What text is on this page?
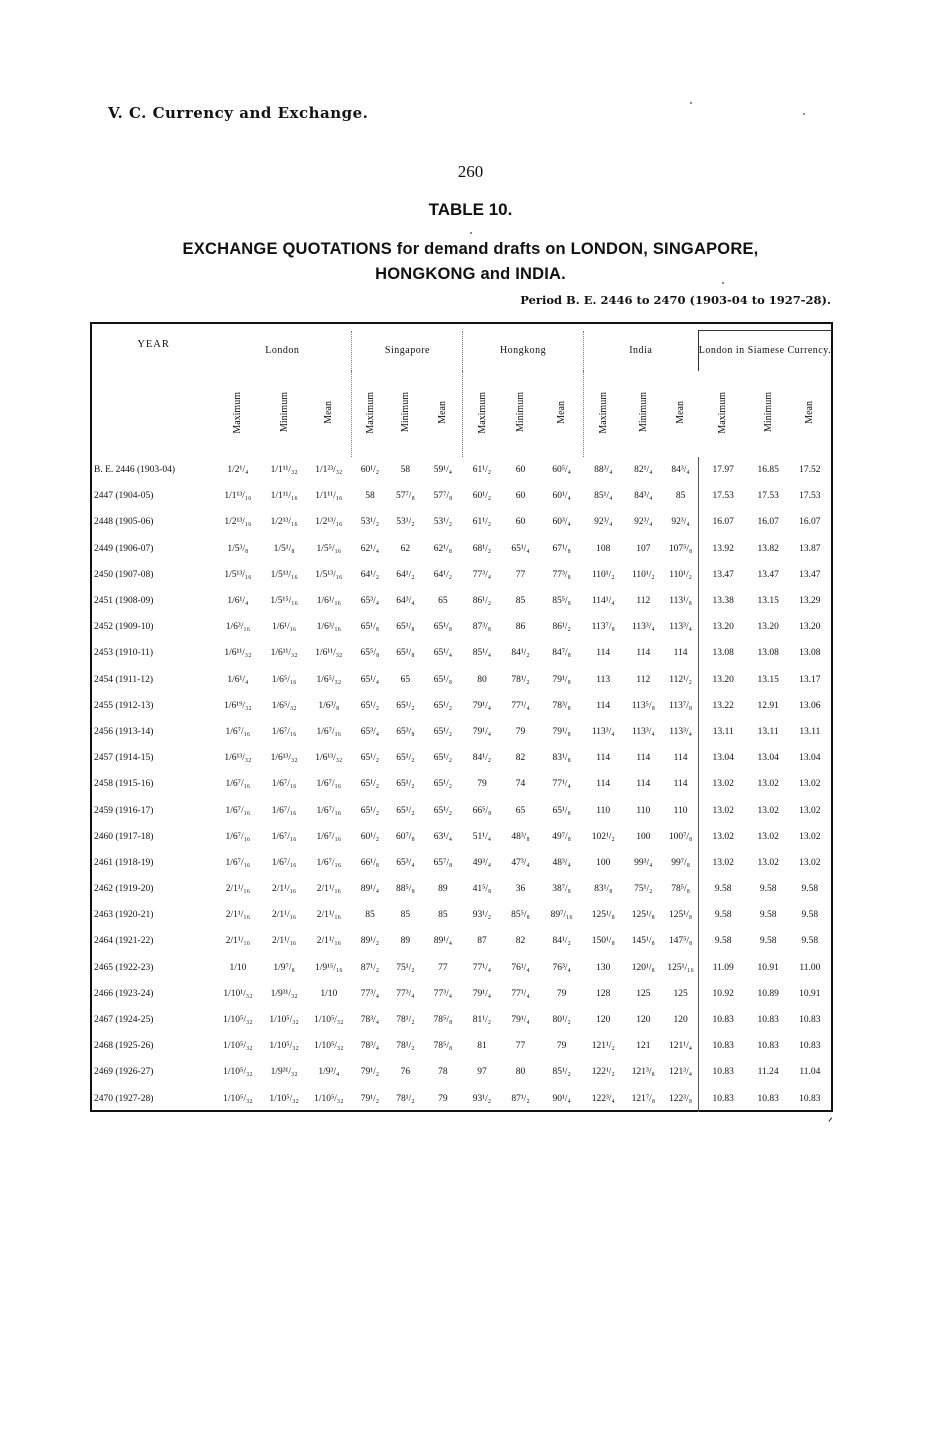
V. C. Currency and Exchange.
260
TABLE 10.
EXCHANGE QUOTATIONS for demand drafts on LONDON, SINGAPORE,
HONGKONG and INDIA.
Period B. E. 2446 to 2470 (1903-04 to 1927-28).
YEAR	London			Singapore			Hongkong			India			London in Siamese Currency.		
	Maximum	Minimum	Mean	Maximum	Minimum	Mean	Maximum	Minimum	Mean	Maximum	Minimum	Mean	Maximum	Minimum	Mean
B. E. 2446 (1903-04)	1/2¹/₄	1/1¹¹/₃₂	1/1²³/₃₂	60¹/₂	58	59¹/₄	61¹/₂	60	60⁵/₄	88³/₄	82¹/₄	84³/₄	17.97	16.85	17.52
2447 (1904-05)	1/1¹³/₁₆	1/1¹¹/₁₆	1/1¹¹/₁₆	58	57⁷/₈	57⁷/₈	60¹/₂	60	60¹/₄	85¹/₄	84³/₄	85	17.53	17.53	17.53
2448 (1905-06)	1/2¹³/₁₆	1/2¹³/₁₆	1/2¹³/₁₆	53¹/₂	53¹/₂	53¹/₂	61¹/₂	60	60³/₄	92³/₄	92³/₄	92³/₄	16.07	16.07	16.07
2449 (1906-07)	1/5³/₈	1/5¹/₈	1/5⁵/₁₆	62¹/₄	62	62¹/₈	68¹/₂	65¹/₄	67¹/₈	108	107	107⁵/₈	13.92	13.82	13.87
2450 (1907-08)	1/5¹³/₁₆	1/5¹³/₁₆	1/5¹³/₁₆	64¹/₂	64¹/₂	64¹/₂	77³/₄	77	77³/₈	110¹/₂	110¹/₂	110¹/₂	13.47	13.47	13.47
2451 (1908-09)	1/6¹/₄	1/5¹⁵/₁₆	1/6¹/₁₆	65³/₄	64³/₄	65	86¹/₂	85	85⁵/₈	114¹/₄	112	113¹/₈	13.38	13.15	13.29
2452 (1909-10)	1/6³/₁₆	1/6¹/₁₆	1/6³/₁₆	65¹/₈	65¹/₈	65¹/₈	87³/₈	86	86¹/₂	113⁷/₈	113³/₄	113³/₄	13.20	13.20	13.20
2453 (1910-11)	1/6¹¹/₃₂	1/6¹¹/₃₂	1/6¹¹/₃₂	65⁵/₈	65¹/₈	65¹/₄	85¹/₄	84¹/₂	84⁷/₈	114	114	114	13.08	13.08	13.08
2454 (1911-12)	1/6¹/₄	1/6⁵/₁₆	1/6⁵/₃₂	65¹/₄	65	65¹/₈	80	78¹/₂	79¹/₈	113	112	112¹/₂	13.20	13.15	13.17
2455 (1912-13)	1/6¹⁹/₃₂	1/6⁵/₃₂	1/6³/₈	65¹/₂	65¹/₂	65¹/₂	79¹/₄	77¹/₄	78³/₈	114	113⁵/₈	113⁷/₈	13.22	12.91	13.06
2456 (1913-14)	1/6⁷/₁₆	1/6⁷/₁₆	1/6⁷/₁₆	65³/₄	65³/₈	65¹/₂	79¹/₄	79	79¹/₈	113³/₄	113³/₄	113³/₄	13.11	13.11	13.11
2457 (1914-15)	1/6¹³/₃₂	1/6¹³/₃₂	1/6¹³/₃₂	65¹/₂	65¹/₂	65¹/₂	84¹/₂	82	83¹/₈	114	114	114	13.04	13.04	13.04
2458 (1915-16)	1/6⁷/₁₆	1/6⁷/₁₆	1/6⁷/₁₆	65¹/₂	65¹/₂	65¹/₂	79	74	77¹/₄	114	114	114	13.02	13.02	13.02
2459 (1916-17)	1/6⁷/₁₆	1/6⁷/₁₆	1/6⁷/₁₆	65¹/₂	65¹/₂	65¹/₂	66⁵/₈	65	65¹/₈	110	110	110	13.02	13.02	13.02
2460 (1917-18)	1/6⁷/₁₆	1/6⁷/₁₆	1/6⁷/₁₆	60¹/₂	60⁷/₈	63¹/₄	51¹/₄	48³/₈	49⁷/₈	102¹/₂	100	100⁷/₈	13.02	13.02	13.02
2461 (1918-19)	1/6⁷/₁₆	1/6⁷/₁₆	1/6⁷/₁₆	66¹/₈	65³/₄	65⁷/₈	49³/₄	47³/₄	48³/₄	100	99³/₄	99⁷/₈	13.02	13.02	13.02
2462 (1919-20)	2/1¹/₁₆	2/1¹/₁₆	2/1¹/₁₆	89¹/₄	88⁵/₈	89	41⁵/₈	36	38⁷/₈	83¹/₈	75¹/₂	78⁵/₈	9.58	9.58	9.58
2463 (1920-21)	2/1¹/₁₆	2/1¹/₁₆	2/1¹/₁₆	85	85	85	93¹/₂	85⁵/₈	89⁷/₁₆	125¹/₈	125¹/₈	125¹/₈	9.58	9.58	9.58
2464 (1921-22)	2/1¹/₁₆	2/1¹/₁₆	2/1¹/₁₆	89¹/₂	89	89¹/₄	87	82	84¹/₂	150¹/₈	145¹/₈	147⁵/₈	9.58	9.58	9.58
2465 (1922-23)	1/10	1/9⁷/₈	1/9¹⁵/₁₆	87¹/₂	75¹/₂	77	77¹/₄	76¹/₄	76³/₄	130	120¹/₈	125¹/₁₆	11.09	10.91	11.00
2466 (1923-24)	1/10¹/₃₂	1/9³¹/₃₂	1/10	77³/₄	77³/₄	77³/₄	79¹/₄	77¹/₄	79	128	125	125	10.92	10.89	10.91
2467 (1924-25)	1/10⁵/₃₂	1/10⁵/₃₂	1/10⁵/₃₂	78³/₄	78¹/₂	78⁵/₈	81¹/₂	79¹/₄	80¹/₂	120	120	120	10.83	10.83	10.83
2468 (1925-26)	1/10⁵/₃₂	1/10⁵/₃₂	1/10⁵/₃₂	78³/₄	78¹/₂	78⁵/₈	81	77	79	121¹/₂	121	121¹/₄	10.83	10.83	10.83
2469 (1926-27)	1/10⁵/₃₂	1/9³¹/₃₂	1/9³/₄	79¹/₂	76	78	97	80	85¹/₂	122¹/₂	121³/₈	121³/₄	10.83	11.24	11.04
2470 (1927-28)	1/10⁵/₃₂	1/10⁵/₃₂	1/10⁵/₃₂	79¹/₂	78¹/₂	79	93¹/₂	87¹/₂	90¹/₄	122³/₄	121⁷/₈	122³/₈	10.83	10.83	10.83
ᐟ
